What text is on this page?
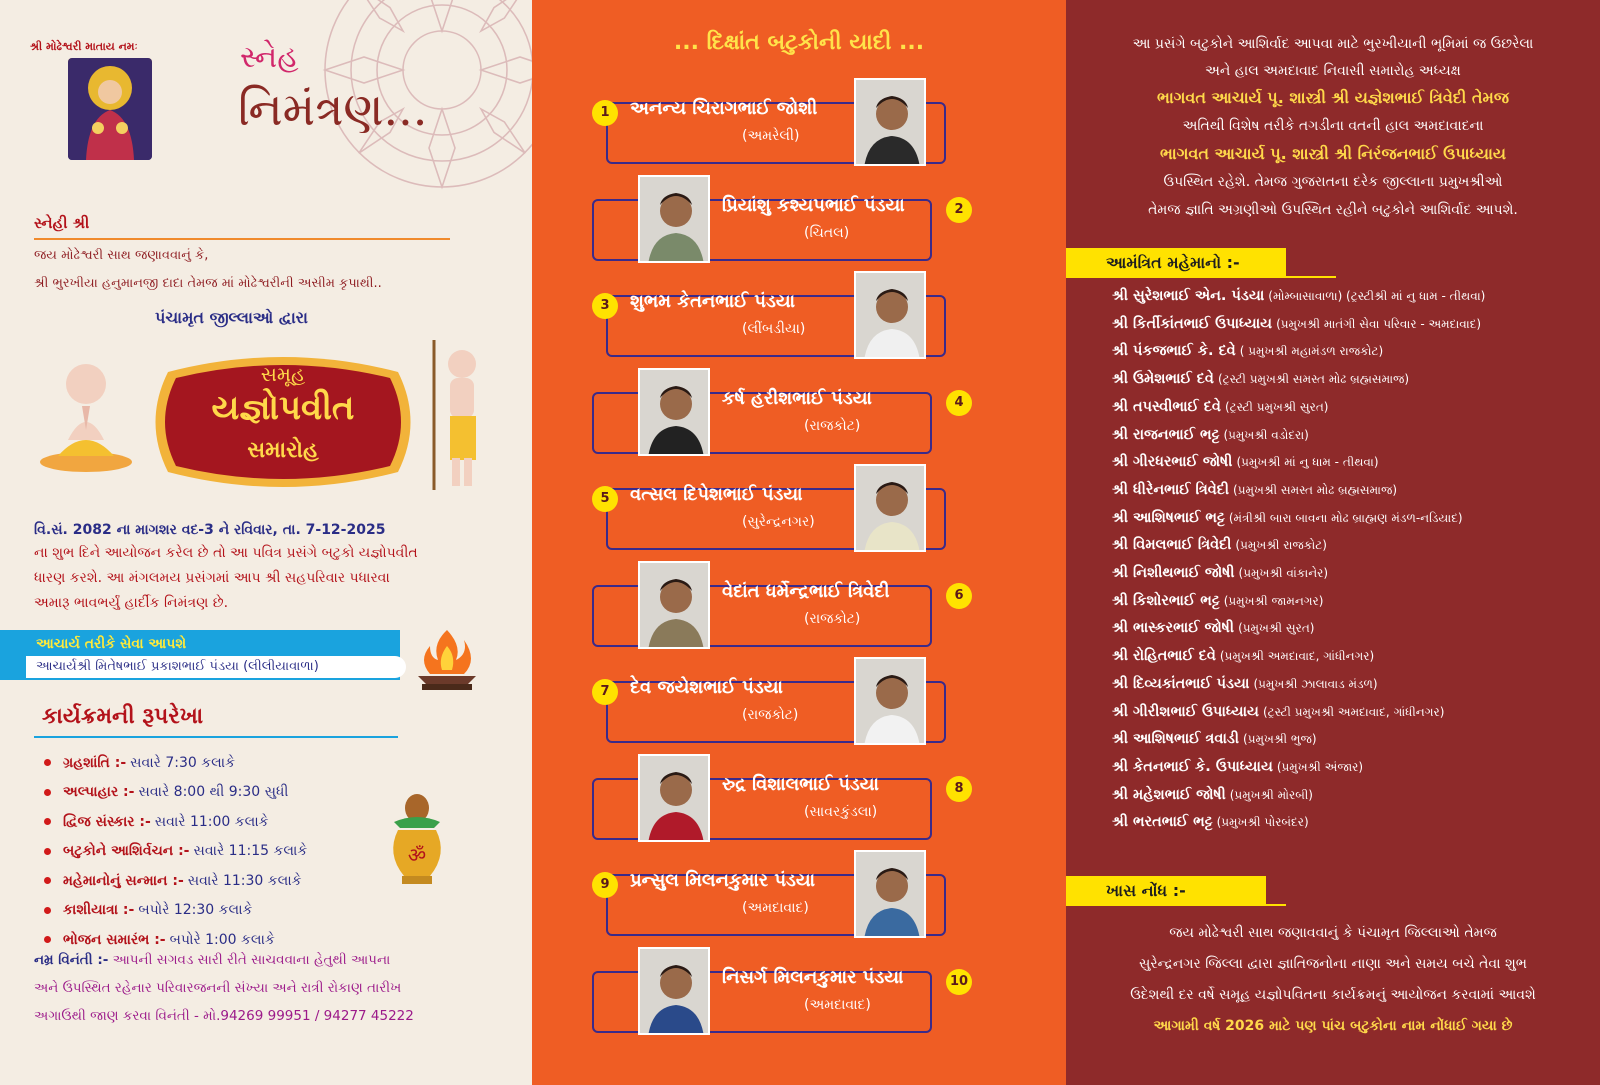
શ્રી મોઢેશ્વરી માતાય નમઃ	સ્નેહ
નિમંત્રણ...
સ્નેહી શ્રી
જય મોઢેશ્વરી સાથ જણાવવાનું કે,
શ્રી ભુરખીયા હનુમાનજી દાદા તેમજ માં મોઢેશ્વરીની અસીમ કૃપાથી..
પંચામૃત જીલ્લાઓ દ્વારા
સમૂહ
યજ્ઞોપવીત
સમારોહ
વિ.સં. 2082 ના માગશર વદ-3 ને રવિવાર, તા. 7-12-2025
ના શુભ દિને આયોજન કરેલ છે તો આ પવિત્ર પ્રસંગે બટુકો યજ્ઞોપવીત
ધારણ કરશે. આ મંગલમય પ્રસંગમાં આપ શ્રી સહપરિવાર પધારવા
અમારૂ ભાવભર્યું હાર્દીક નિમંત્રણ છે.
આચાર્ય તરીકે સેવા આપશે
આચાર્યશ્રી મિતેષભાઈ પ્રકાશભાઈ પંડયા (લીલીયાવાળા)
કાર્યક્રમની રૂપરેખા
ગ્રહશાંતિ :- સવારે 7:30 કલાકે
અલ્પાહાર :- સવારે 8:00 થી 9:30 સુધી
દ્વિજ સંસ્કાર :- સવારે 11:00 કલાકે
બટુકોને આશિર્વચન :- સવારે 11:15 કલાકે
મહેમાનોનું સન્માન :- સવારે 11:30 કલાકે
કાશીયાત્રા :- બપોરે 12:30 કલાકે
ભોજન સમારંભ :- બપોરે 1:00 કલાકે
ॐ
નમ્ર વિનંતી :- આપની સગવડ સારી રીતે સાચવવાના હેતુથી આપના
અને ઉપસ્થિત રહેનાર પરિવારજનની સંખ્યા અને રાત્રી રોકાણ તારીખ
અગાઉથી જાણ કરવા વિનંતી - મો.94269 99951 / 94277 45222
... દિક્ષાંત બટુકોની યાદી ...
1	અનન્ય ચિરાગભાઈ જોશી
(અમરેલી)
2
પ્રિયાંશુ કશ્યપભાઈ પંડયા
(ચિતલ)
3	શુભમ કેતનભાઈ પંડયા
(લીંબડીયા)
4
કર્ષ હરીશભાઈ પંડયા
(રાજકોટ)
5	વત્સલ દિપેશભાઈ પંડયા
(સુરેન્દ્રનગર)
6
વેદાંત ધર્મેન્દ્રભાઈ ત્રિવેદી
(રાજકોટ)
7	દેવ જયેશભાઈ પંડયા
(રાજકોટ)
8
રુદ્ર વિશાલભાઈ પંડયા
(સાવરકુંડલા)
9	પ્રન્સુલ મિલનકુમાર પંડયા
(અમદાવાદ)
10
નિસર્ગ મિલનકુમાર પંડયા
(અમદાવાદ)
આ પ્રસંગે બટુકોને આશિર્વાદ આપવા માટે ભુરખીયાની ભૂમિમાં જ ઉછરેલા
અને હાલ અમદાવાદ નિવાસી સમારોહ અધ્યક્ષ
ભાગવત આચાર્ય પૂ. શાસ્ત્રી શ્રી યજ્ઞેશભાઈ ત્રિવેદી તેમજ
અતિથી વિશેષ તરીકે તગડીના વતની હાલ અમદાવાદના
ભાગવત આચાર્ય પૂ. શાસ્ત્રી શ્રી નિરંજનભાઈ ઉપાધ્યાય
ઉપસ્થિત રહેશે. તેમજ ગુજરાતના દરેક જીલ્લાના પ્રમુખશ્રીઓ
તેમજ જ્ઞાતિ અગ્રણીઓ ઉપસ્થિત રહીને બટુકોને આશિર્વાદ આપશે.
આમંત્રિત મહેમાનો :-
શ્રી સુરેશભાઈ એન. પંડયા (મોમ્બાસાવાળા) (ટ્રસ્ટીશ્રી માં નુ ધામ - તીથવા)
શ્રી કિર્તીકાંતભાઈ ઉપાધ્યાય (પ્રમુખશ્રી માતંગી સેવા પરિવાર - અમદાવાદ)
શ્રી પંકજભાઈ કે. દવે ( પ્રમુખશ્રી મહામંડળ રાજકોટ)
શ્રી ઉમેશભાઈ દવે (ટ્રસ્ટી પ્રમુખશ્રી સમસ્ત મોઢ બ્રહ્મસમાજ)
શ્રી તપસ્વીભાઈ દવે (ટ્રસ્ટી પ્રમુખશ્રી સુરત)
શ્રી રાજનભાઈ ભટ્ટ (પ્રમુખશ્રી વડોદરા)
શ્રી ગીરધરભાઈ જોષી (પ્રમુખશ્રી માં નુ ધામ - તીથવા)
શ્રી ધીરેનભાઈ ત્રિવેદી (પ્રમુખશ્રી સમસ્ત મોઢ બ્રહ્મસમાજ)
શ્રી આશિષભાઈ ભટ્ટ (મંત્રીશ્રી બારા બાવના મોઢ બ્રાહ્મણ મંડળ-નડિયાદ)
શ્રી વિમલભાઈ ત્રિવેદી (પ્રમુખશ્રી રાજકોટ)
શ્રી નિશીથભાઈ જોષી (પ્રમુખશ્રી વાંકાનેર)
શ્રી કિશોરભાઈ ભટ્ટ (પ્રમુખશ્રી જામનગર)
શ્રી ભાસ્કરભાઈ જોષી (પ્રમુખશ્રી સુરત)
શ્રી રોહિતભાઈ દવે (પ્રમુખશ્રી અમદાવાદ, ગાંધીનગર)
શ્રી દિવ્યકાંતભાઈ પંડયા (પ્રમુખશ્રી ઝાલાવાડ મંડળ)
શ્રી ગીરીશભાઈ ઉપાધ્યાય (ટ્રસ્ટી પ્રમુખશ્રી અમદાવાદ, ગાંધીનગર)
શ્રી આશિષભાઈ ત્રવાડી (પ્રમુખશ્રી ભુજ)
શ્રી કેતનભાઈ કે. ઉપાધ્યાય (પ્રમુખશ્રી અંજાર)
શ્રી મહેશભાઈ જોષી (પ્રમુખશ્રી મોરબી)
શ્રી ભરતભાઈ ભટ્ટ (પ્રમુખશ્રી પોરબંદર)
ખાસ નોંધ :-
જય મોઢેશ્વરી સાથ જણાવવાનું કે પંચામૃત જિલ્લાઓ તેમજ
સુરેન્દ્રનગર જિલ્લા દ્વારા જ્ઞાતિજનોના નાણા અને સમય બચે તેવા શુભ
ઉદેશથી દર વર્ષે સમૂહ યજ્ઞોપવિતના કાર્યક્રમનું આયોજન કરવામાં આવશે
આગામી વર્ષ 2026 માટે પણ પાંચ બટુકોના નામ નોંધાઈ ગયા છે
